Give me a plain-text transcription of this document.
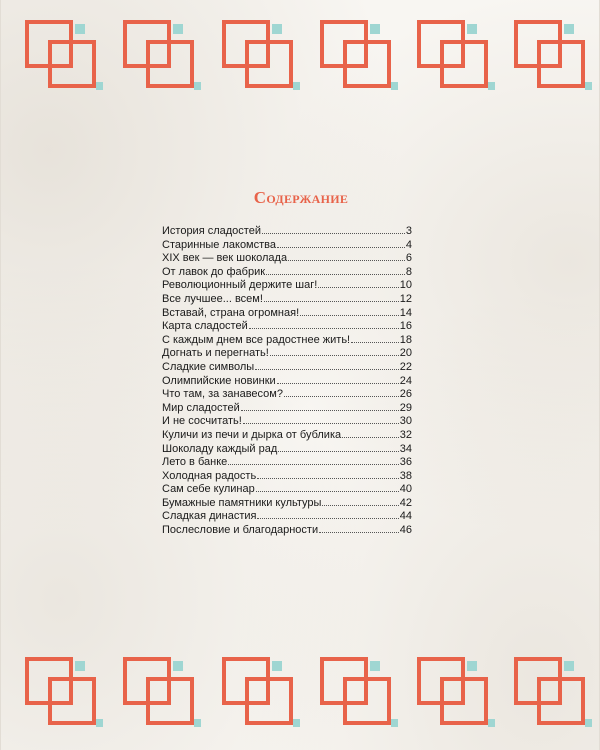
Содержание
История сладостей	3
Старинные лакомства	4
XIX век — век шоколада	6
От лавок до фабрик	8
Революционный держите шаг!	10
Все лучшее... всем!	12
Вставай, страна огромная!	14
Карта сладостей	16
С каждым днем все радостнее жить!	18
Догнать и перегнать!	20
Сладкие символы	22
Олимпийские новинки	24
Что там, за занавесом?	26
Мир сладостей	29
И не сосчитать!	30
Куличи из печи и дырка от бублика	32
Шоколаду каждый рад	34
Лето в банке	36
Холодная радость	38
Сам себе кулинар	40
Бумажные памятники культуры	42
Сладкая династия	44
Послесловие и благодарности	46
